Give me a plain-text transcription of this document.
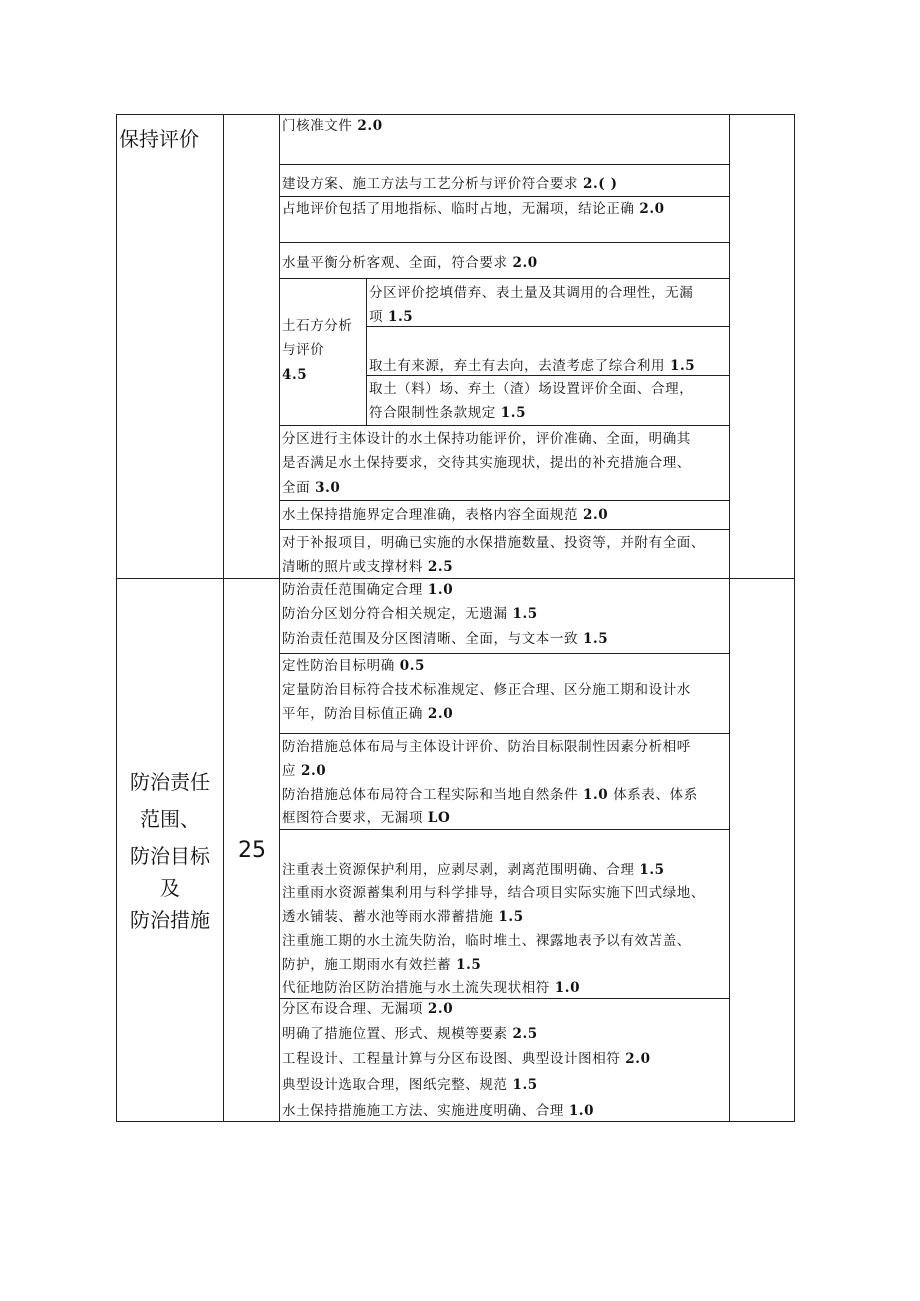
保持评价
门核准文件 2.0
建设方案、施工方法与工艺分析与评价符合要求 2.( )
占地评价包括了用地指标、临时占地，无漏项，结论正确 2.0
水量平衡分析客观、全面，符合要求 2.0
土石方分析
与评价
4.5
分区评价挖填借弃、表土量及其调用的合理性，无漏
项 1.5
取土有来源，弃土有去向，去渣考虑了综合利用 1.5
取土（料）场、弃土（渣）场设置评价全面、合理，
符合限制性条款规定 1.5
分区进行主体设计的水土保持功能评价，评价准确、全面，明确其
是否满足水土保持要求，交待其实施现状，提出的补充措施合理、
全面 3.0
水土保持措施界定合理准确，表格内容全面规范 2.0
对于补报项目，明确已实施的水保措施数量、投资等，并附有全面、
清晰的照片或支撑材料 2.5
防治责任
范围、
防治目标
及
防治措施
25
防治责任范围确定合理 1.0
防治分区划分符合相关规定，无遗漏 1.5
防治责任范围及分区图清晰、全面，与文本一致 1.5
定性防治目标明确 0.5
定量防治目标符合技术标准规定、修正合理、区分施工期和设计水
平年，防治目标值正确 2.0
防治措施总体布局与主体设计评价、防治目标限制性因素分析相呼
应 2.0
防治措施总体布局符合工程实际和当地自然条件 1.0 体系表、体系
框图符合要求，无漏项 LO
注重表土资源保护利用，应剥尽剥，剥离范围明确、合理 1.5
注重雨水资源蓄集利用与科学排导，结合项目实际实施下凹式绿地、
透水铺装、蓄水池等雨水滞蓄措施 1.5
注重施工期的水土流失防治，临时堆土、裸露地表予以有效苫盖、
防护，施工期雨水有效拦蓄 1.5
代征地防治区防治措施与水土流失现状相符 1.0
分区布设合理、无漏项 2.0
明确了措施位置、形式、规模等要素 2.5
工程设计、工程量计算与分区布设图、典型设计图相符 2.0
典型设计选取合理，图纸完整、规范 1.5
水土保持措施施工方法、实施进度明确、合理 1.0
